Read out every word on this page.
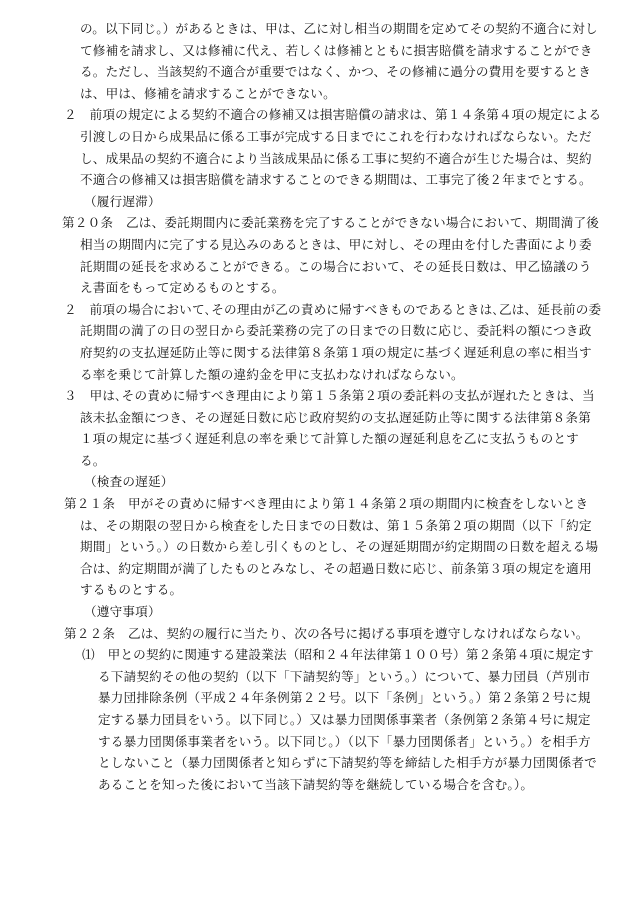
の。以下同じ。）があるときは、甲は、乙に対し相当の期間を定めてその契約不適合に対して修補を請求し、又は修補に代え、若しくは修補とともに損害賠償を請求することができる。ただし、当該契約不適合が重要ではなく、かつ、その修補に過分の費用を要するときは、甲は、修補を請求することができない。

２　 前項の規定による契約不適合の修補又は損害賠償の請求は、第１４条第４項の規定による引渡しの日から成果品に係る工事が完成する日までにこれを行わなければならない。ただし、成果品の契約不適合により当該成果品に係る工事に契約不適合が生じた場合は、契約不適合の修補又は損害賠償を請求することのできる期間は、工事完了後２年までとする。

（履行遅滞）

第２０条　 乙は、委託期間内に委託業務を完了することができない場合において、期間満了後相当の期間内に完了する見込みのあるときは、甲に対し、その理由を付した書面により委託期間の延長を求めることができる。この場合において、その延長日数は、甲乙協議のうえ書面をもって定めるものとする。

２　 前項の場合において､その理由が乙の責めに帰すべきものであるときは､乙は、延長前の委託期間の満了の日の翌日から委託業務の完了の日までの日数に応じ、委託料の額につき政府契約の支払遅延防止等に関する法律第８条第１項の規定に基づく遅延利息の率に相当する率を乗じて計算した額の違約金を甲に支払わなければならない。

３　 甲は､その責めに帰すべき理由により第１５条第２項の委託料の支払が遅れたときは、当該未払金額につき、その遅延日数に応じ政府契約の支払遅延防止等に関する法律第８条第１項の規定に基づく遅延利息の率を乗じて計算した額の遅延利息を乙に支払うものとする。

（検査の遅延）

第２１条　 甲がその責めに帰すべき理由により第１４条第２項の期間内に検査をしないときは、その期限の翌日から検査をした日までの日数は、第１５条第２項の期間（以下「約定期間」という。）の日数から差し引くものとし、その遅延期間が約定期間の日数を超える場合は、約定期間が満了したものとみなし、その超過日数に応じ、前条第３項の規定を適用するものとする。

（遵守事項）

第２２条　 乙は、契約の履行に当たり、次の各号に掲げる事項を遵守しなければならない。

⑴　 甲との契約に関連する建設業法（昭和２４年法律第１００号）第２条第４項に規定する下請契約その他の契約（以下「下請契約等」という。）について、暴力団員（芦別市暴力団排除条例（平成２４年条例第２２号。以下「条例」という。）第２条第２号に規定する暴力団員をいう。以下同じ。）又は暴力団関係事業者（条例第２条第４号に規定する暴力団関係事業者をいう。以下同じ。）（以下「暴力団関係者」という。）を相手方としないこと（暴力団関係者と知らずに下請契約等を締結した相手方が暴力団関係者であることを知った後において当該下請契約等を継続している場合を含む。）。
